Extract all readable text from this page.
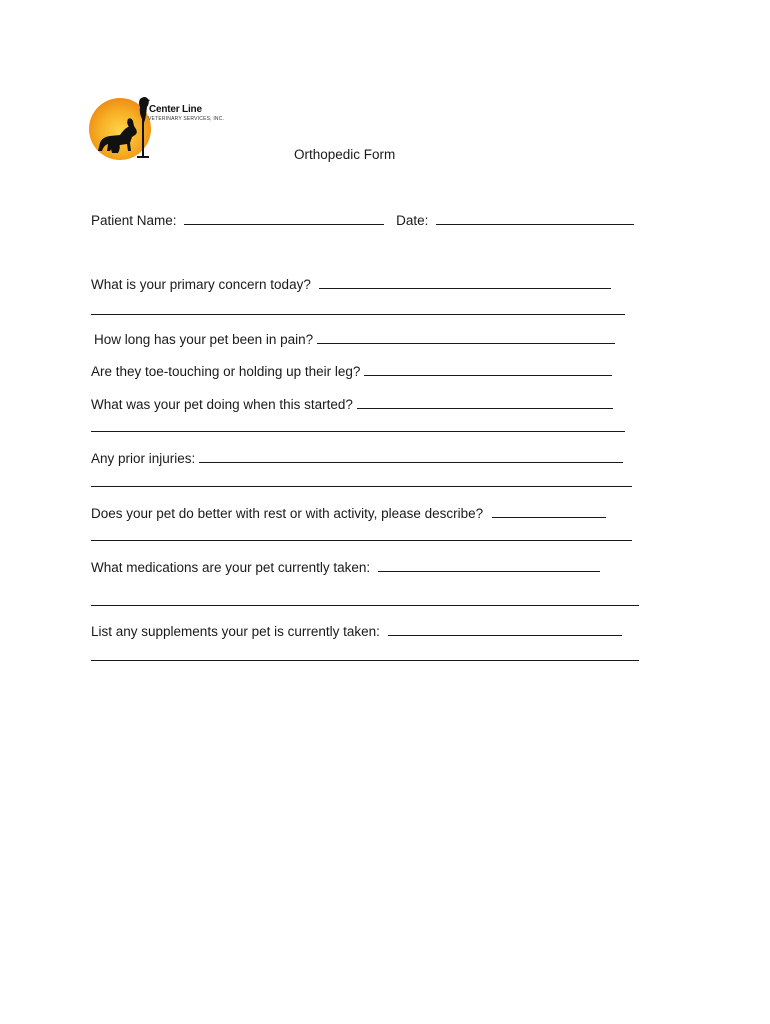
Center Line
VETERINARY SERVICES, INC.
Orthopedic Form
Patient Name:	Date:
What is your primary concern today?
How long has your pet been in pain?
Are they toe-touching or holding up their leg?
What was your pet doing when this started?
Any prior injuries:
Does your pet do better with rest or with activity, please describe?
What medications are your pet currently taken:
List any supplements your pet is currently taken:
